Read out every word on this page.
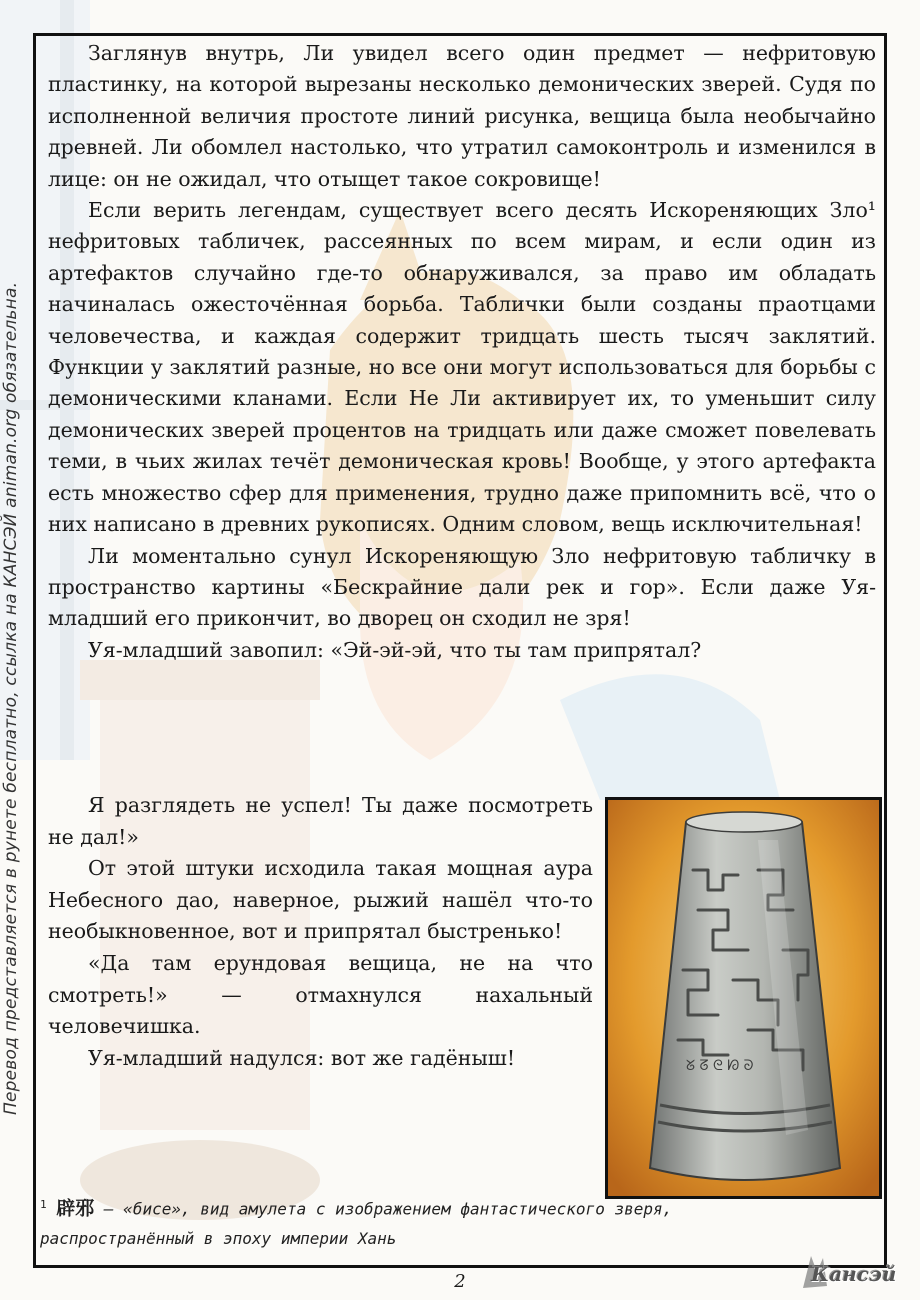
Перевод представляется в рунете бесплатно, ссылка на КАНСЭЙ animan.org обязательна.

Заглянув внутрь, Ли увидел всего один предмет — нефритовую пластинку, на которой вырезаны несколько демонических зверей. Судя по исполненной величия простоте линий рисунка, вещица была необычайно древней. Ли обомлел настолько, что утратил самоконтроль и изменился в лице: он не ожидал, что отыщет такое сокровище!

Если верить легендам, существует всего десять Искореняющих Зло¹ нефритовых табличек, рассеянных по всем мирам, и если один из артефактов случайно где-то обнаруживался, за право им обладать начиналась ожесточённая борьба. Таблички были созданы праотцами человечества, и каждая содержит тридцать шесть тысяч заклятий. Функции у заклятий разные, но все они могут использоваться для борьбы с демоническими кланами. Если Не Ли активирует их, то уменьшит силу демонических зверей процентов на тридцать или даже сможет повелевать теми, в чьих жилах течёт демоническая кровь! Вообще, у этого артефакта есть множество сфер для применения, трудно даже припомнить всё, что о них написано в древних рукописях. Одним словом, вещь исключительная!

Ли моментально сунул Искореняющую Зло нефритовую табличку в пространство картины «Бескрайние дали рек и гор». Если даже Уя-младший его прикончит, во дворец он сходил не зря!

Уя-младший завопил: «Эй-эй-эй, что ты там припрятал?

Я разглядеть не успел! Ты даже посмотреть не дал!»

От этой штуки исходила такая мощная аура Небесного дао, наверное, рыжий нашёл что-то необыкновенное, вот и припрятал быстренько!

«Да там ерундовая вещица, не на что смотреть!» — отмахнулся нахальный человечишка.

Уя-младший надулся: вот же гадёныш!	ᘜ ᘔ ᘓ ᘗ ᘐ
$^1$ 辟邪 – «бисе», вид амулета с изображением фантастического зверя,
распространённый в эпоху империи Хань
2	Кансэй
